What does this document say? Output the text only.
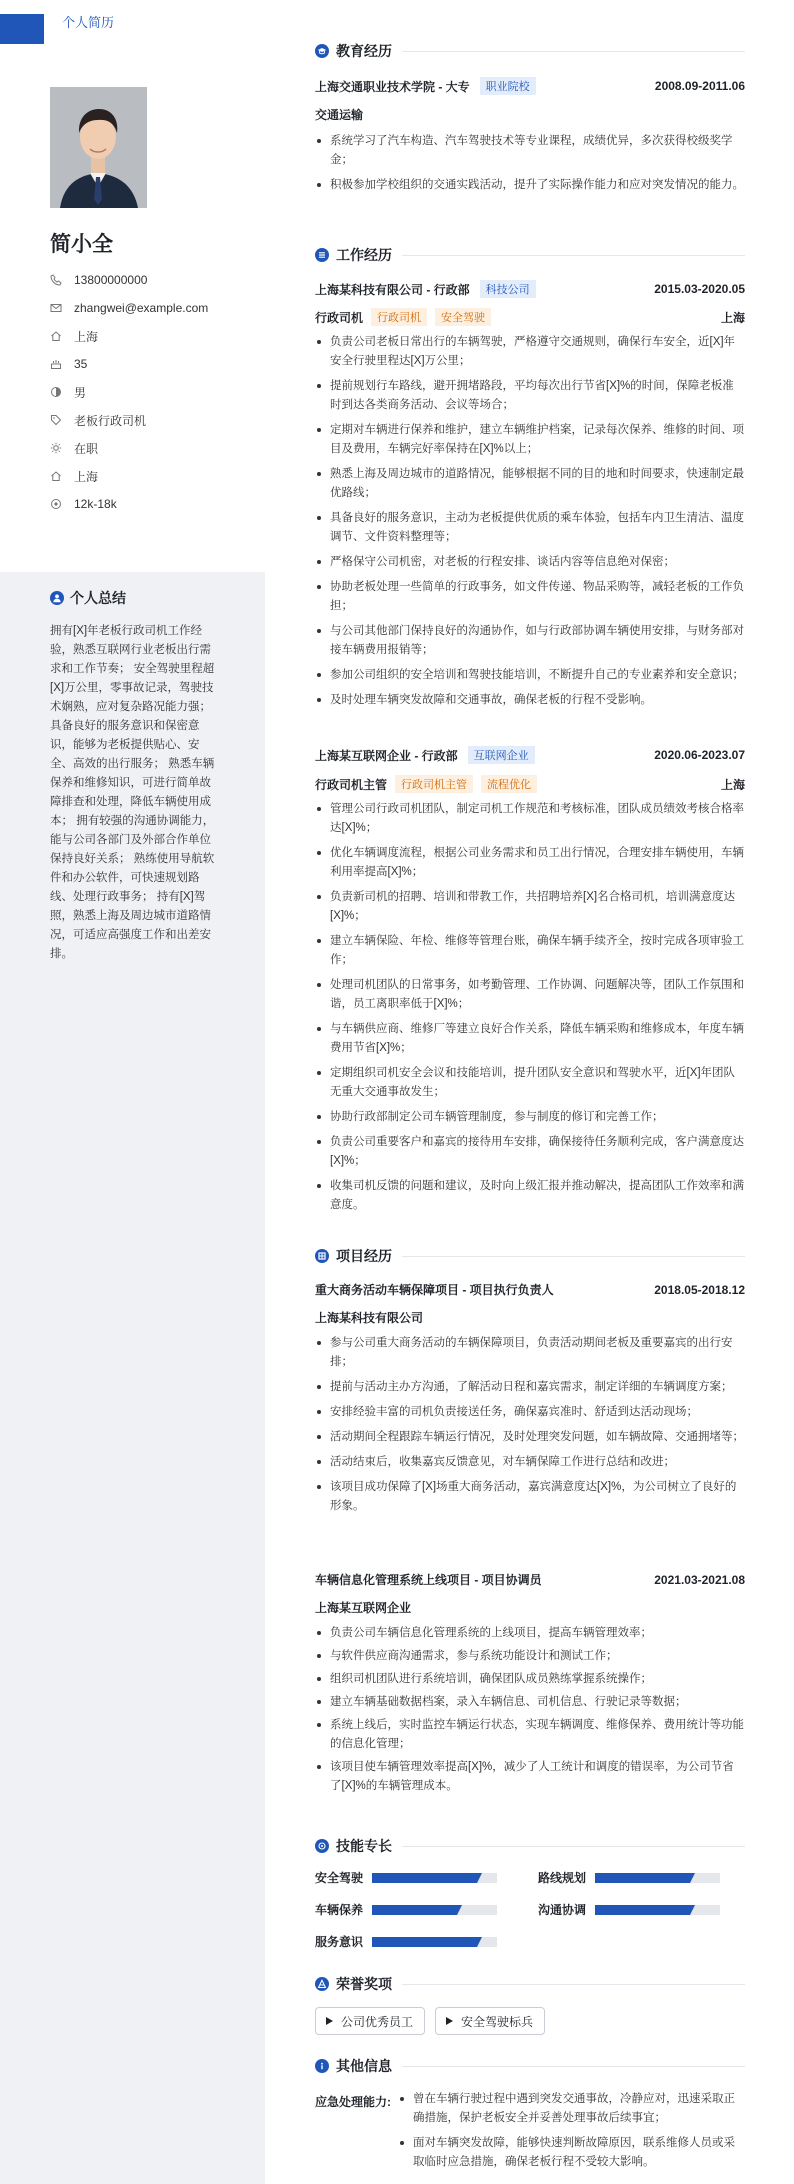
个人简历
简小全
13800000000
zhangwei@example.com
上海
35
男
老板行政司机
在职
上海
12k-18k
个人总结
拥有[X]年老板行政司机工作经验，熟悉互联网行业老板出行需求和工作节奏； 安全驾驶里程超[X]万公里，零事故记录，驾驶技术娴熟，应对复杂路况能力强； 具备良好的服务意识和保密意识，能够为老板提供贴心、安全、高效的出行服务； 熟悉车辆保养和维修知识，可进行简单故障排查和处理，降低车辆使用成本； 拥有较强的沟通协调能力，能与公司各部门及外部合作单位保持良好关系； 熟练使用导航软件和办公软件，可快速规划路线、处理行政事务； 持有[X]驾照，熟悉上海及周边城市道路情况，可适应高强度工作和出差安排。
教育经历
上海交通职业技术学院 - 大专	职业院校	2008.09-2011.06
交通运输
系统学习了汽车构造、汽车驾驶技术等专业课程，成绩优异，多次获得校级奖学金；
积极参加学校组织的交通实践活动，提升了实际操作能力和应对突发情况的能力。
工作经历
上海某科技有限公司 - 行政部	科技公司	2015.03-2020.05
行政司机	行政司机	安全驾驶	上海
负责公司老板日常出行的车辆驾驶，严格遵守交通规则，确保行车安全，近[X]年安全行驶里程达[X]万公里；
提前规划行车路线，避开拥堵路段，平均每次出行节省[X]%的时间，保障老板准时到达各类商务活动、会议等场合；
定期对车辆进行保养和维护，建立车辆维护档案，记录每次保养、维修的时间、项目及费用，车辆完好率保持在[X]%以上；
熟悉上海及周边城市的道路情况，能够根据不同的目的地和时间要求，快速制定最优路线；
具备良好的服务意识，主动为老板提供优质的乘车体验，包括车内卫生清洁、温度调节、文件资料整理等；
严格保守公司机密，对老板的行程安排、谈话内容等信息绝对保密；
协助老板处理一些简单的行政事务，如文件传递、物品采购等，减轻老板的工作负担；
与公司其他部门保持良好的沟通协作，如与行政部协调车辆使用安排，与财务部对接车辆费用报销等；
参加公司组织的安全培训和驾驶技能培训，不断提升自己的专业素养和安全意识；
及时处理车辆突发故障和交通事故，确保老板的行程不受影响。
上海某互联网企业 - 行政部	互联网企业	2020.06-2023.07
行政司机主管	行政司机主管	流程优化	上海
管理公司行政司机团队，制定司机工作规范和考核标准，团队成员绩效考核合格率达[X]%；
优化车辆调度流程，根据公司业务需求和员工出行情况，合理安排车辆使用，车辆利用率提高[X]%；
负责新司机的招聘、培训和带教工作，共招聘培养[X]名合格司机，培训满意度达[X]%；
建立车辆保险、年检、维修等管理台账，确保车辆手续齐全，按时完成各项审验工作；
处理司机团队的日常事务，如考勤管理、工作协调、问题解决等，团队工作氛围和谐，员工离职率低于[X]%；
与车辆供应商、维修厂等建立良好合作关系，降低车辆采购和维修成本，年度车辆费用节省[X]%；
定期组织司机安全会议和技能培训，提升团队安全意识和驾驶水平，近[X]年团队无重大交通事故发生；
协助行政部制定公司车辆管理制度，参与制度的修订和完善工作；
负责公司重要客户和嘉宾的接待用车安排，确保接待任务顺利完成，客户满意度达[X]%；
收集司机反馈的问题和建议，及时向上级汇报并推动解决，提高团队工作效率和满意度。
项目经历
重大商务活动车辆保障项目 - 项目执行负责人	2018.05-2018.12
上海某科技有限公司
参与公司重大商务活动的车辆保障项目，负责活动期间老板及重要嘉宾的出行安排；
提前与活动主办方沟通，了解活动日程和嘉宾需求，制定详细的车辆调度方案；
安排经验丰富的司机负责接送任务，确保嘉宾准时、舒适到达活动现场；
活动期间全程跟踪车辆运行情况，及时处理突发问题，如车辆故障、交通拥堵等；
活动结束后，收集嘉宾反馈意见，对车辆保障工作进行总结和改进；
该项目成功保障了[X]场重大商务活动，嘉宾满意度达[X]%，为公司树立了良好的形象。
车辆信息化管理系统上线项目 - 项目协调员	2021.03-2021.08
上海某互联网企业
负责公司车辆信息化管理系统的上线项目，提高车辆管理效率；
与软件供应商沟通需求，参与系统功能设计和测试工作；
组织司机团队进行系统培训，确保团队成员熟练掌握系统操作；
建立车辆基础数据档案，录入车辆信息、司机信息、行驶记录等数据；
系统上线后，实时监控车辆运行状态，实现车辆调度、维修保养、费用统计等功能的信息化管理；
该项目使车辆管理效率提高[X]%，减少了人工统计和调度的错误率，为公司节省了[X]%的车辆管理成本。
技能专长
安全驾驶	路线规划
车辆保养	沟通协调
服务意识
荣誉奖项
公司优秀员工	安全驾驶标兵
其他信息
应急处理能力:	曾在车辆行驶过程中遇到突发交通事故，冷静应对，迅速采取正确措施，保护老板安全并妥善处理事故后续事宜；
面对车辆突发故障，能够快速判断故障原因，联系维修人员或采取临时应急措施，确保老板行程不受较大影响。
